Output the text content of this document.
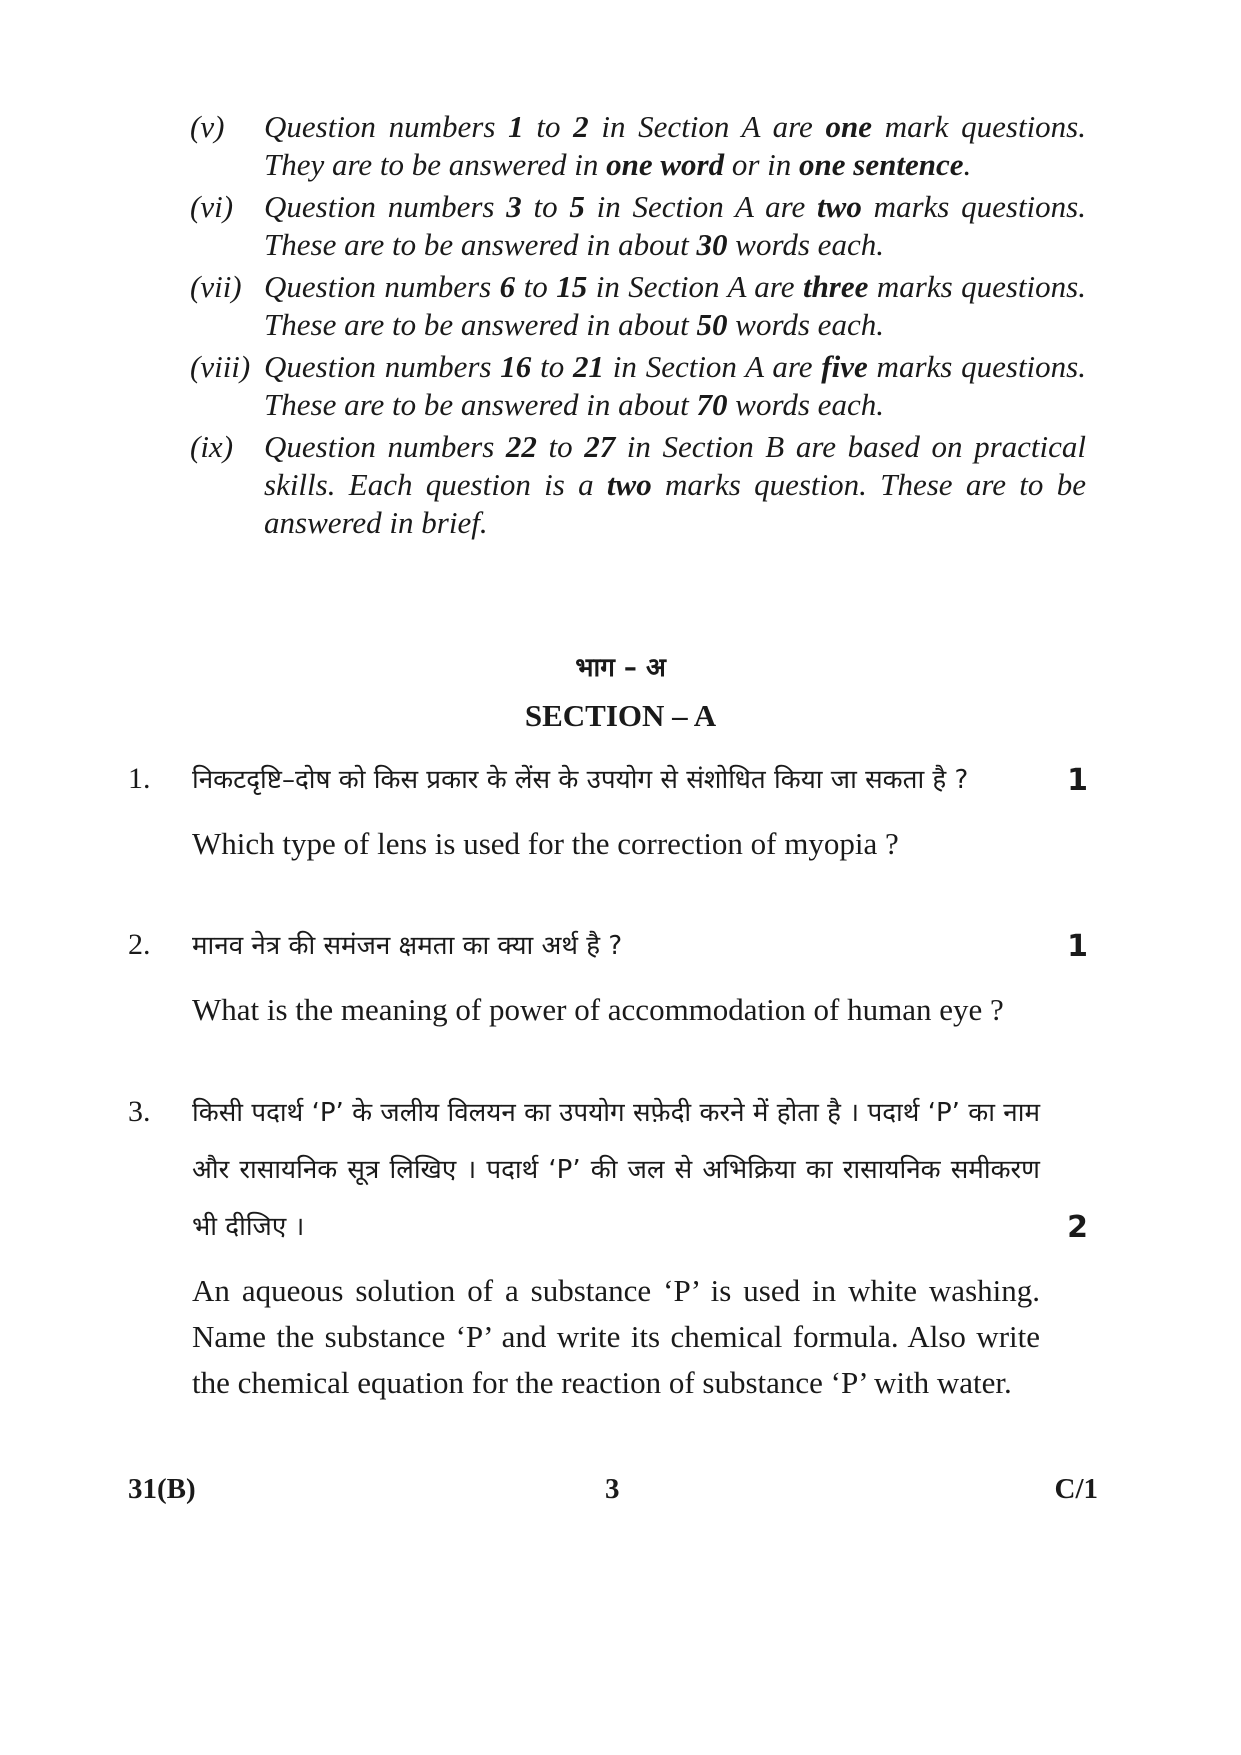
(v)	Question numbers 1 to 2 in Section A are one mark questions. They are to be answered in one word or in one sentence.
(vi) Question numbers 3 to 5 in Section A are two marks questions. These are to be answered in about 30 words each.
(vii) Question numbers 6 to 15 in Section A are three marks questions. These are to be answered in about 50 words each.
(viii) Question numbers 16 to 21 in Section A are five marks questions. These are to be answered in about 70 words each.
(ix) Question numbers 22 to 27 in Section B are based on practical skills. Each question is a two marks question. These are to be answered in brief.
भाग – अ
SECTION – A
1. निकटदृष्टि–दोष को किस प्रकार के लेंस के उपयोग से संशोधित किया जा सकता है ?	1
Which type of lens is used for the correction of myopia ?
2. मानव नेत्र की समंजन क्षमता का क्या अर्थ है ?	1
What is the meaning of power of accommodation of human eye ?
3. किसी पदार्थ ‘P’ के जलीय विलयन का उपयोग सफ़ेदी करने में होता है । पदार्थ ‘P’ का नाम और रासायनिक सूत्र लिखिए । पदार्थ ‘P’ की जल से अभिक्रिया का रासायनिक समीकरण भी दीजिए ।	2
An aqueous solution of a substance ‘P’ is used in white washing. Name the substance ‘P’ and write its chemical formula. Also write the chemical equation for the reaction of substance ‘P’ with water.
31(B)	3	C/1
